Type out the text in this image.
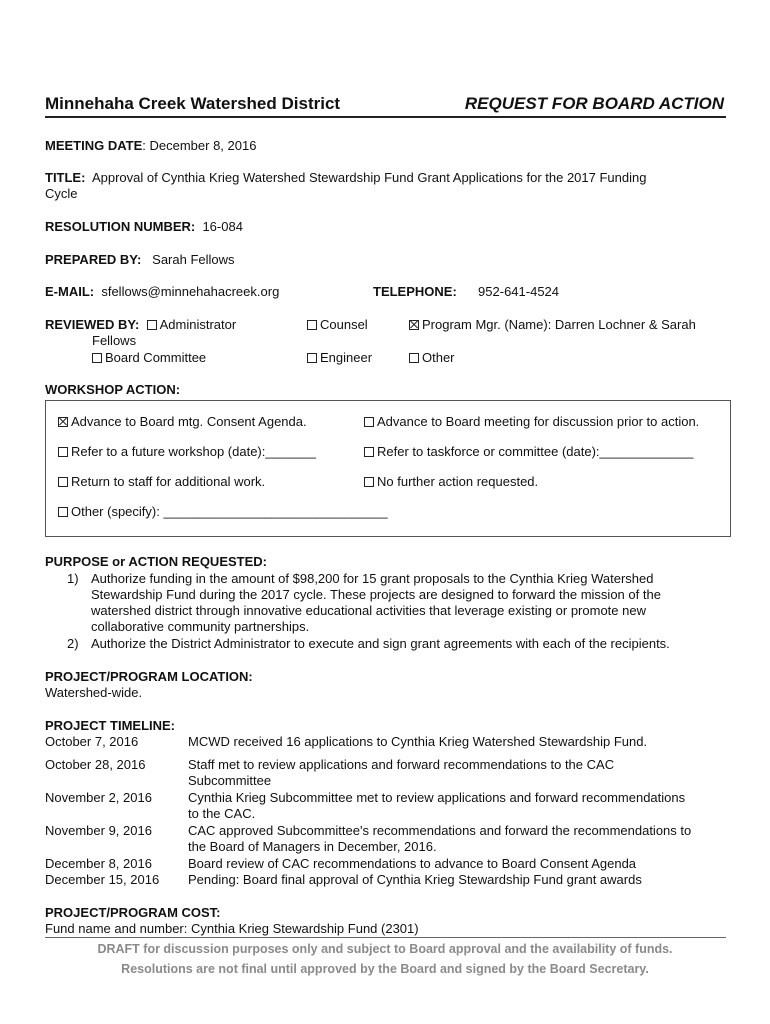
Minnehaha Creek Watershed District	REQUEST FOR BOARD ACTION
MEETING DATE: December 8, 2016
TITLE: Approval of Cynthia Krieg Watershed Stewardship Fund Grant Applications for the 2017 Funding
Cycle
RESOLUTION NUMBER: 16-084
PREPARED BY: Sarah Fellows
E-MAIL: sfellows@minnehahacreek.org	TELEPHONE: 952-641-4524
REVIEWED BY: Administrator	Counsel	Program Mgr. (Name): Darren Lochner & Sarah
Fellows
Board Committee	Engineer	Other
WORKSHOP ACTION:
Advance to Board mtg. Consent Agenda.	Advance to Board meeting for discussion prior to action.
Refer to a future workshop (date):_______	Refer to taskforce or committee (date):_____________
Return to staff for additional work.	No further action requested.
Other (specify): _______________________________
PURPOSE or ACTION REQUESTED:
1) Authorize funding in the amount of $98,200 for 15 grant proposals to the Cynthia Krieg Watershed
Stewardship Fund during the 2017 cycle. These projects are designed to forward the mission of the
watershed district through innovative educational activities that leverage existing or promote new
collaborative community partnerships.
2) Authorize the District Administrator to execute and sign grant agreements with each of the recipients.
PROJECT/PROGRAM LOCATION:
Watershed-wide.
PROJECT TIMELINE:
October 7, 2016	MCWD received 16 applications to Cynthia Krieg Watershed Stewardship Fund.
October 28, 2016	Staff met to review applications and forward recommendations to the CAC
Subcommittee
November 2, 2016	Cynthia Krieg Subcommittee met to review applications and forward recommendations
to the CAC.
November 9, 2016	CAC approved Subcommittee's recommendations and forward the recommendations to
the Board of Managers in December, 2016.
December 8, 2016	Board review of CAC recommendations to advance to Board Consent Agenda
December 15, 2016 Pending: Board final approval of Cynthia Krieg Stewardship Fund grant awards
PROJECT/PROGRAM COST:
Fund name and number: Cynthia Krieg Stewardship Fund (2301)
DRAFT for discussion purposes only and subject to Board approval and the availability of funds.
Resolutions are not final until approved by the Board and signed by the Board Secretary.
